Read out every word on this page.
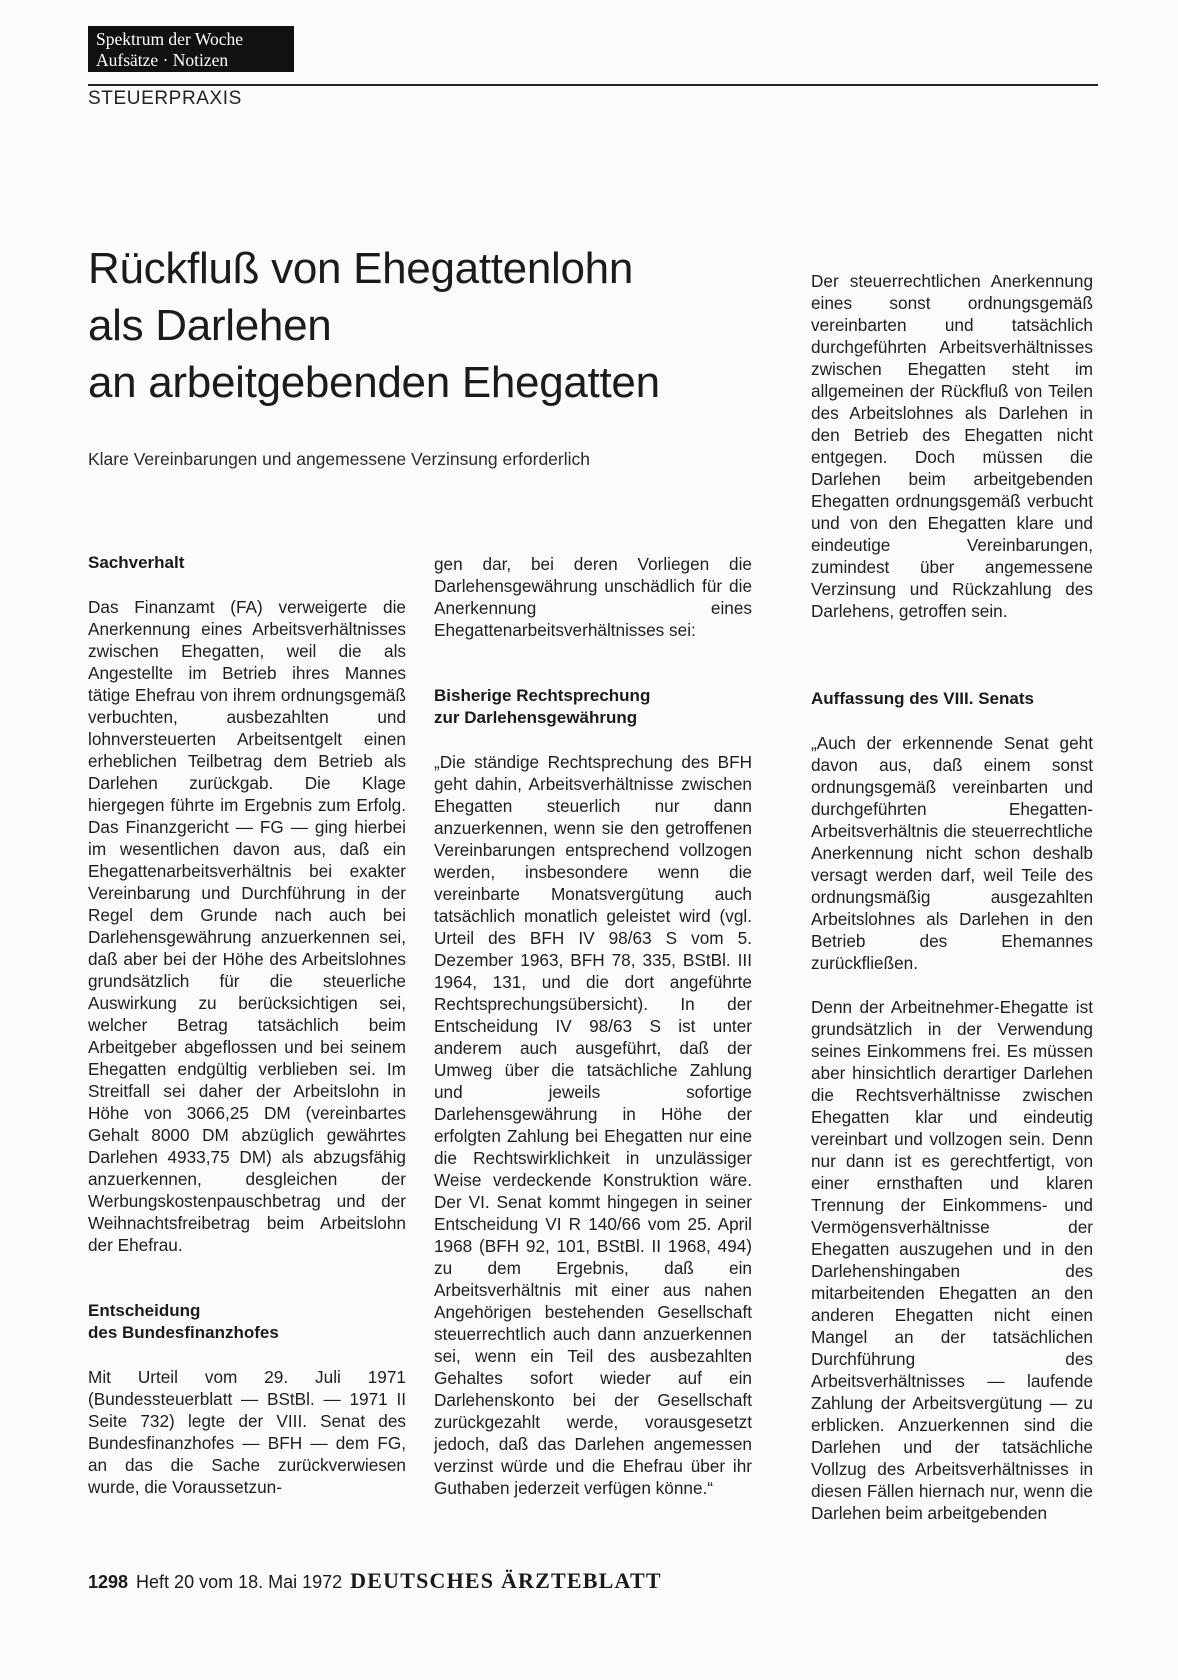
Spektrum der Woche
Aufsätze · Notizen
STEUERPRAXIS
Rückfluß von Ehegattenlohn
als Darlehen
an arbeitgebenden Ehegatten
Klare Vereinbarungen und angemessene Verzinsung erforderlich
Sachverhalt

Das Finanzamt (FA) verweigerte die Anerkennung eines Arbeitsverhältnisses zwischen Ehegatten, weil die als Angestellte im Betrieb ihres Mannes tätige Ehefrau von ihrem ordnungsgemäß verbuchten, ausbezahlten und lohnversteuerten Arbeitsentgelt einen erheblichen Teilbetrag dem Betrieb als Darlehen zurückgab. Die Klage hiergegen führte im Ergebnis zum Erfolg. Das Finanzgericht — FG — ging hierbei im wesentlichen davon aus, daß ein Ehegattenarbeitsverhältnis bei exakter Vereinbarung und Durchführung in der Regel dem Grunde nach auch bei Darlehensgewährung anzuerkennen sei, daß aber bei der Höhe des Arbeitslohnes grundsätzlich für die steuerliche Auswirkung zu berücksichtigen sei, welcher Betrag tatsächlich beim Arbeitgeber abgeflossen und bei seinem Ehegatten endgültig verblieben sei. Im Streitfall sei daher der Arbeitslohn in Höhe von 3066,25 DM (vereinbartes Gehalt 8000 DM abzüglich gewährtes Darlehen 4933,75 DM) als abzugsfähig anzuerkennen, desgleichen der Werbungskostenpauschbetrag und der Weihnachtsfreibetrag beim Arbeitslohn der Ehefrau.

Entscheidung
des Bundesfinanzhofes

Mit Urteil vom 29. Juli 1971 (Bundessteuerblatt — BStBl. — 1971 II Seite 732) legte der VIII. Senat des Bundesfinanzhofes — BFH — dem FG, an das die Sache zurückverwiesen wurde, die Voraussetzun-

gen dar, bei deren Vorliegen die Darlehensgewährung unschädlich für die Anerkennung eines Ehegattenarbeitsverhältnisses sei:

Bisherige Rechtsprechung
zur Darlehensgewährung

„Die ständige Rechtsprechung des BFH geht dahin, Arbeitsverhältnisse zwischen Ehegatten steuerlich nur dann anzuerkennen, wenn sie den getroffenen Vereinbarungen entsprechend vollzogen werden, insbesondere wenn die vereinbarte Monatsvergütung auch tatsächlich monatlich geleistet wird (vgl. Urteil des BFH IV 98/63 S vom 5. Dezember 1963, BFH 78, 335, BStBl. III 1964, 131, und die dort angeführte Rechtsprechungsübersicht). In der Entscheidung IV 98/63 S ist unter anderem auch ausgeführt, daß der Umweg über die tatsächliche Zahlung und jeweils sofortige Darlehensgewährung in Höhe der erfolgten Zahlung bei Ehegatten nur eine die Rechtswirklichkeit in unzulässiger Weise verdeckende Konstruktion wäre. Der VI. Senat kommt hingegen in seiner Entscheidung VI R 140/66 vom 25. April 1968 (BFH 92, 101, BStBl. II 1968, 494) zu dem Ergebnis, daß ein Arbeitsverhältnis mit einer aus nahen Angehörigen bestehenden Gesellschaft steuerrechtlich auch dann anzuerkennen sei, wenn ein Teil des ausbezahlten Gehaltes sofort wieder auf ein Darlehenskonto bei der Gesellschaft zurückgezahlt werde, vorausgesetzt jedoch, daß das Darlehen angemessen verzinst würde und die Ehefrau über ihr Guthaben jederzeit verfügen könne.“

Der steuerrechtlichen Anerkennung eines sonst ordnungsgemäß vereinbarten und tatsächlich durchgeführten Arbeitsverhältnisses zwischen Ehegatten steht im allgemeinen der Rückfluß von Teilen des Arbeitslohnes als Darlehen in den Betrieb des Ehegatten nicht entgegen. Doch müssen die Darlehen beim arbeitgebenden Ehegatten ordnungsgemäß verbucht und von den Ehegatten klare und eindeutige Vereinbarungen, zumindest über angemessene Verzinsung und Rückzahlung des Darlehens, getroffen sein.

Auffassung des VIII. Senats

„Auch der erkennende Senat geht davon aus, daß einem sonst ordnungsgemäß vereinbarten und durchgeführten Ehegatten-Arbeitsverhältnis die steuerrechtliche Anerkennung nicht schon deshalb versagt werden darf, weil Teile des ordnungsmäßig ausgezahlten Arbeitslohnes als Darlehen in den Betrieb des Ehemannes zurückfließen.

Denn der Arbeitnehmer-Ehegatte ist grundsätzlich in der Verwendung seines Einkommens frei. Es müssen aber hinsichtlich derartiger Darlehen die Rechtsverhältnisse zwischen Ehegatten klar und eindeutig vereinbart und vollzogen sein. Denn nur dann ist es gerechtfertigt, von einer ernsthaften und klaren Trennung der Einkommens- und Vermögensverhältnisse der Ehegatten auszugehen und in den Darlehenshingaben des mitarbeitenden Ehegatten an den anderen Ehegatten nicht einen Mangel an der tatsächlichen Durchführung des Arbeitsverhältnisses — laufende Zahlung der Arbeitsvergütung — zu erblicken. Anzuerkennen sind die Darlehen und der tatsächliche Vollzug des Arbeitsverhältnisses in diesen Fällen hiernach nur, wenn die Darlehen beim arbeitgebenden

1298 Heft 20 vom 18. Mai 1972 DEUTSCHES ÄRZTEBLATT
